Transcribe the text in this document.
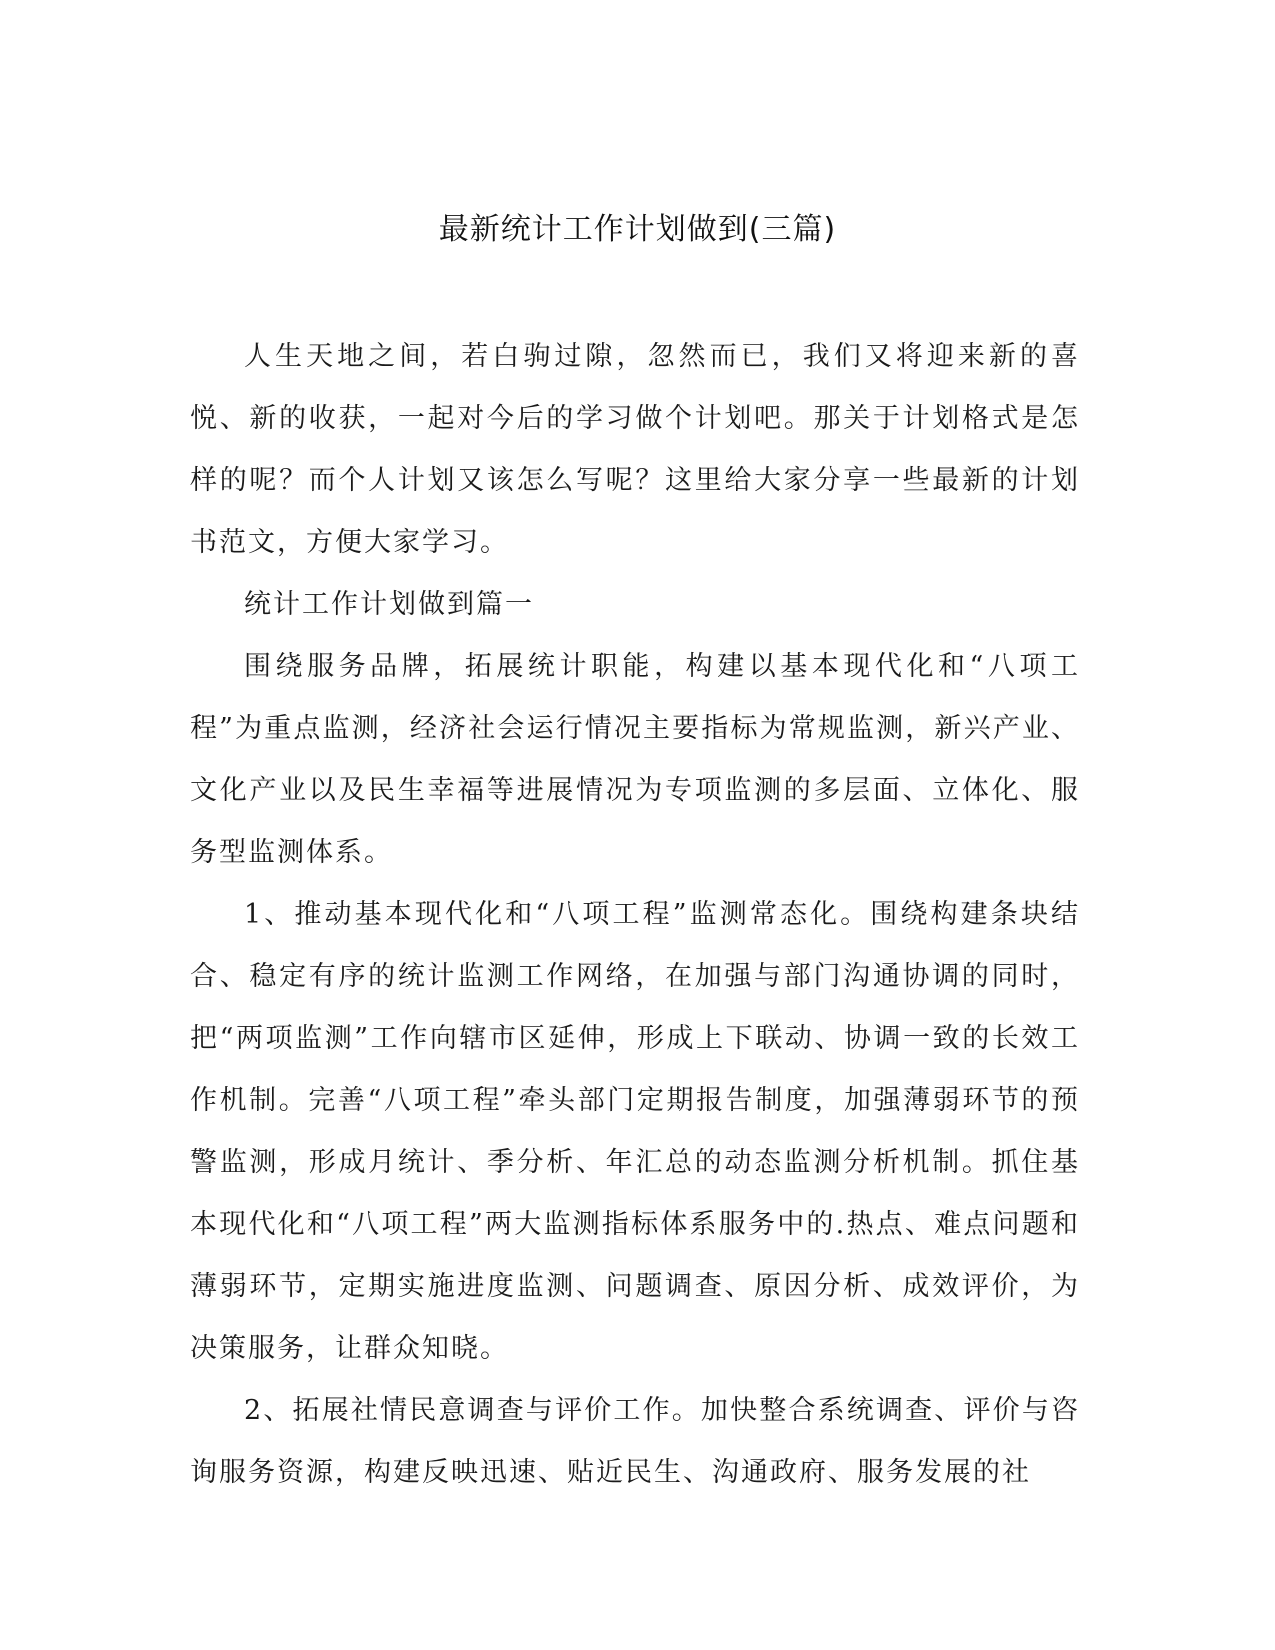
最新统计工作计划做到(三篇)

人生天地之间，若白驹过隙，忽然而已，我们又将迎来新的喜悦、新的收获，一起对今后的学习做个计划吧。那关于计划格式是怎样的呢？而个人计划又该怎么写呢？这里给大家分享一些最新的计划书范文，方便大家学习。

统计工作计划做到篇一

围绕服务品牌，拓展统计职能，构建以基本现代化和“八项工程”为重点监测，经济社会运行情况主要指标为常规监测，新兴产业、文化产业以及民生幸福等进展情况为专项监测的多层面、立体化、服务型监测体系。

1、推动基本现代化和“八项工程”监测常态化。围绕构建条块结合、稳定有序的统计监测工作网络，在加强与部门沟通协调的同时，把“两项监测”工作向辖市区延伸，形成上下联动、协调一致的长效工作机制。完善“八项工程”牵头部门定期报告制度，加强薄弱环节的预警监测，形成月统计、季分析、年汇总的动态监测分析机制。抓住基本现代化和“八项工程”两大监测指标体系服务中的.热点、难点问题和薄弱环节，定期实施进度监测、问题调查、原因分析、成效评价，为决策服务，让群众知晓。

2、拓展社情民意调查与评价工作。加快整合系统调查、评价与咨询服务资源，构建反映迅速、贴近民生、沟通政府、服务发展的社
